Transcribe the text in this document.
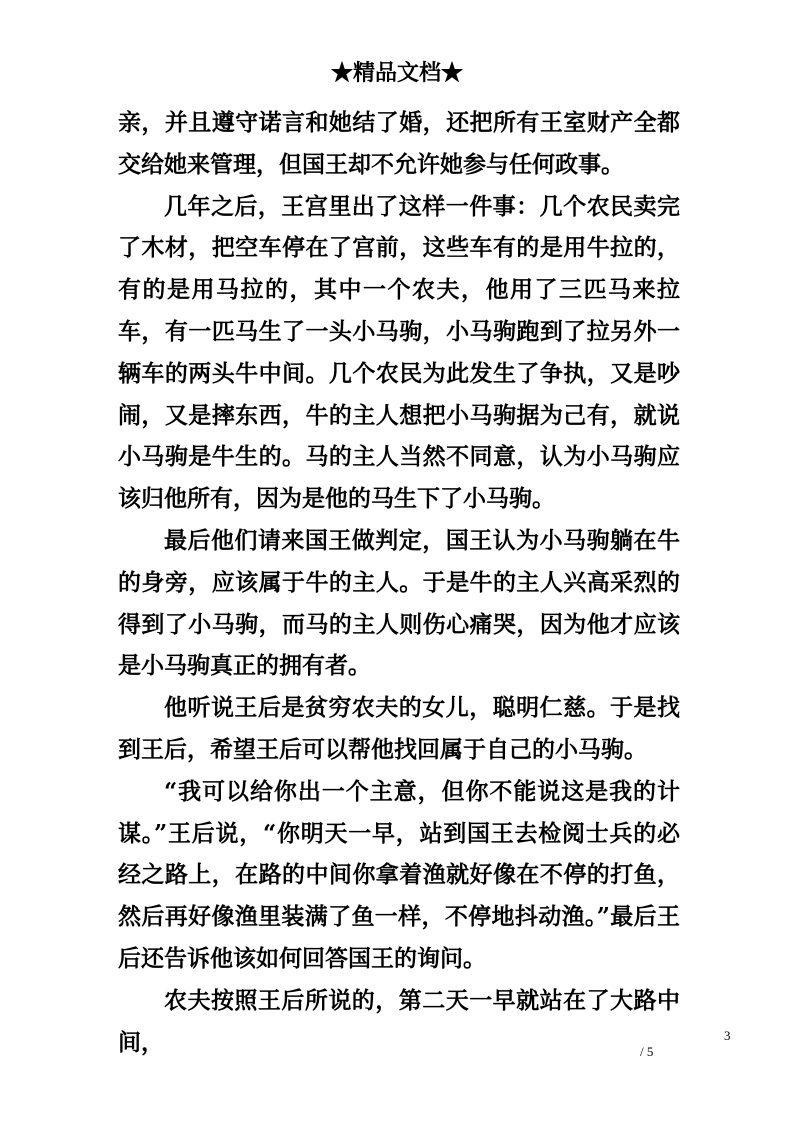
★精品文档★

亲，并且遵守诺言和她结了婚，还把所有王室财产全都交给她来管理，但国王却不允许她参与任何政事。

几年之后，王宫里出了这样一件事：几个农民卖完了木材，把空车停在了宫前，这些车有的是用牛拉的，有的是用马拉的，其中一个农夫，他用了三匹马来拉车，有一匹马生了一头小马驹，小马驹跑到了拉另外一辆车的两头牛中间。几个农民为此发生了争执，又是吵闹，又是摔东西，牛的主人想把小马驹据为己有，就说小马驹是牛生的。马的主人当然不同意，认为小马驹应该归他所有，因为是他的马生下了小马驹。

最后他们请来国王做判定，国王认为小马驹躺在牛的身旁，应该属于牛的主人。于是牛的主人兴高采烈的得到了小马驹，而马的主人则伤心痛哭，因为他才应该是小马驹真正的拥有者。

他听说王后是贫穷农夫的女儿，聪明仁慈。于是找到王后，希望王后可以帮他找回属于自己的小马驹。

“我可以给你出一个主意，但你不能说这是我的计谋。”王后说，“你明天一早，站到国王去检阅士兵的必经之路上，在路的中间你拿着渔就好像在不停的打鱼，然后再好像渔里装满了鱼一样，不停地抖动渔。”最后王后还告诉他该如何回答国王的询问。

农夫按照王后所说的，第二天一早就站在了大路中间，	3
/ 5
